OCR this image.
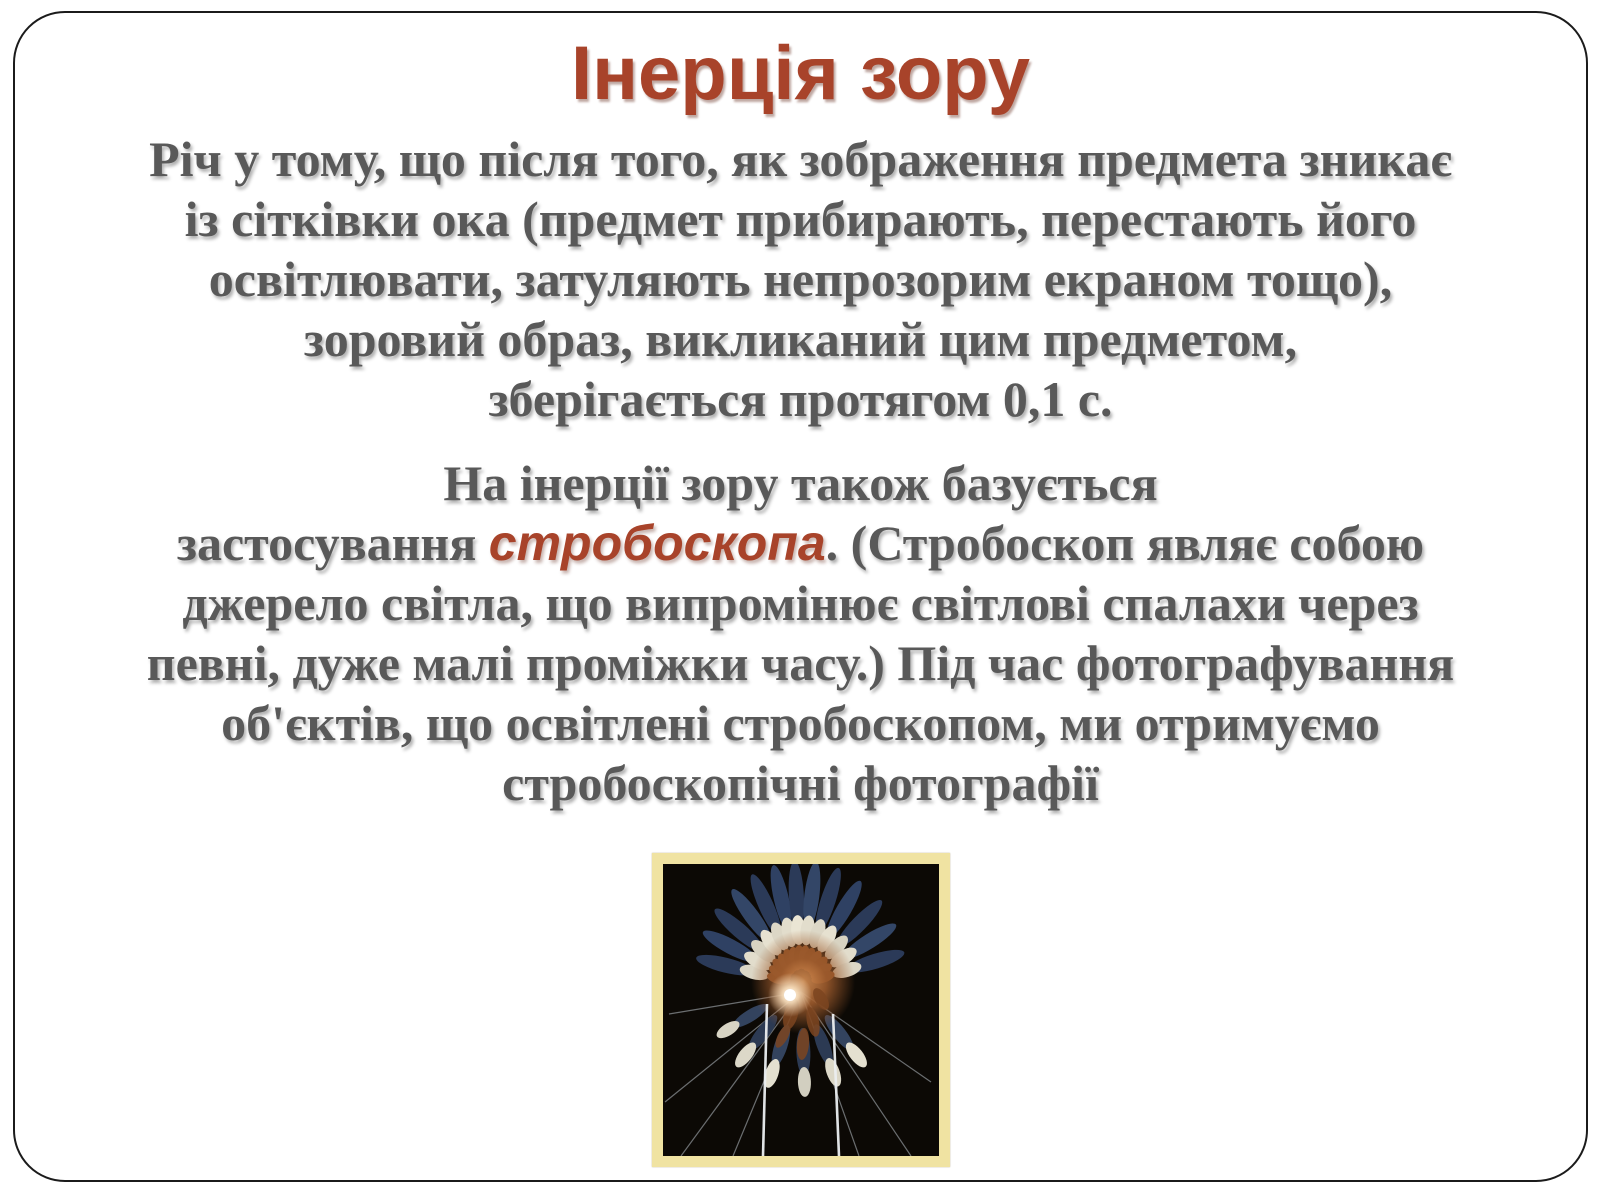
Інерція зору
Річ у тому, що після того, як зображення предмета зникає
із сітківки ока (предмет прибирають, перестають його
освітлювати, затуляють непрозорим екраном тощо),
зоровий образ, викликаний цим предметом,
зберігається протягом 0,1 с.
На інерції зору також базується
застосування стробоскопа. (Стробоскоп являє собою
джерело світла, що випромінює світлові спалахи через
певні, дуже малі проміжки часу.) Під час фотографування
об'єктів, що освітлені стробоскопом, ми отримуємо
стробоскопічні фотографії
